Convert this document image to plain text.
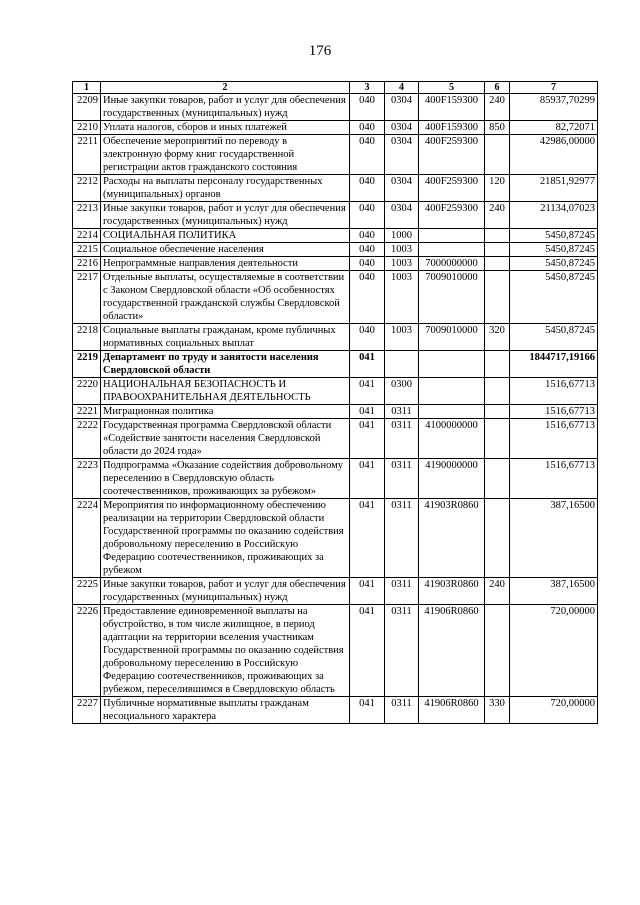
176
1	2	3	4	5	6	7
2209	Иные закупки товаров, работ и услуг для обеспечения государственных (муниципальных) нужд	040	0304	400F159300	240	85937,70299
2210	Уплата налогов, сборов и иных платежей	040	0304	400F159300	850	82,72071
2211	Обеспечение мероприятий по переводу в электронную форму книг государственной регистрации актов гражданского состояния	040	0304	400F259300		42986,00000
2212	Расходы на выплаты персоналу государственных (муниципальных) органов	040	0304	400F259300	120	21851,92977
2213	Иные закупки товаров, работ и услуг для обеспечения государственных (муниципальных) нужд	040	0304	400F259300	240	21134,07023
2214	СОЦИАЛЬНАЯ ПОЛИТИКА	040	1000			5450,87245
2215	Социальное обеспечение населения	040	1003			5450,87245
2216	Непрограммные направления деятельности	040	1003	7000000000		5450,87245
2217	Отдельные выплаты, осуществляемые в соответствии с Законом Свердловской области «Об особенностях государственной гражданской службы Свердловской области»	040	1003	7009010000		5450,87245
2218	Социальные выплаты гражданам, кроме публичных нормативных социальных выплат	040	1003	7009010000	320	5450,87245
2219	Департамент по труду и занятости населения Свердловской области	041				1844717,19166
2220	НАЦИОНАЛЬНАЯ БЕЗОПАСНОСТЬ И ПРАВООХРАНИТЕЛЬНАЯ ДЕЯТЕЛЬНОСТЬ	041	0300			1516,67713
2221	Миграционная политика	041	0311			1516,67713
2222	Государственная программа Свердловской области «Содействие занятости населения Свердловской области до 2024 года»	041	0311	4100000000		1516,67713
2223	Подпрограмма «Оказание содействия добровольному переселению в Свердловскую область соотечественников, проживающих за рубежом»	041	0311	4190000000		1516,67713
2224	Мероприятия по информационному обеспечению реализации на территории Свердловской области Государственной программы по оказанию содействия добровольному переселению в Российскую Федерацию соотечественников, проживающих за рубежом	041	0311	41903R0860		387,16500
2225	Иные закупки товаров, работ и услуг для обеспечения государственных (муниципальных) нужд	041	0311	41903R0860	240	387,16500
2226	Предоставление единовременной выплаты на обустройство, в том числе жилищное, в период адаптации на территории вселения участникам Государственной программы по оказанию содействия добровольному переселению в Российскую Федерацию соотечественников, проживающих за рубежом, переселившимся в Свердловскую область	041	0311	41906R0860		720,00000
2227	Публичные нормативные выплаты гражданам несоциального характера	041	0311	41906R0860	330	720,00000
